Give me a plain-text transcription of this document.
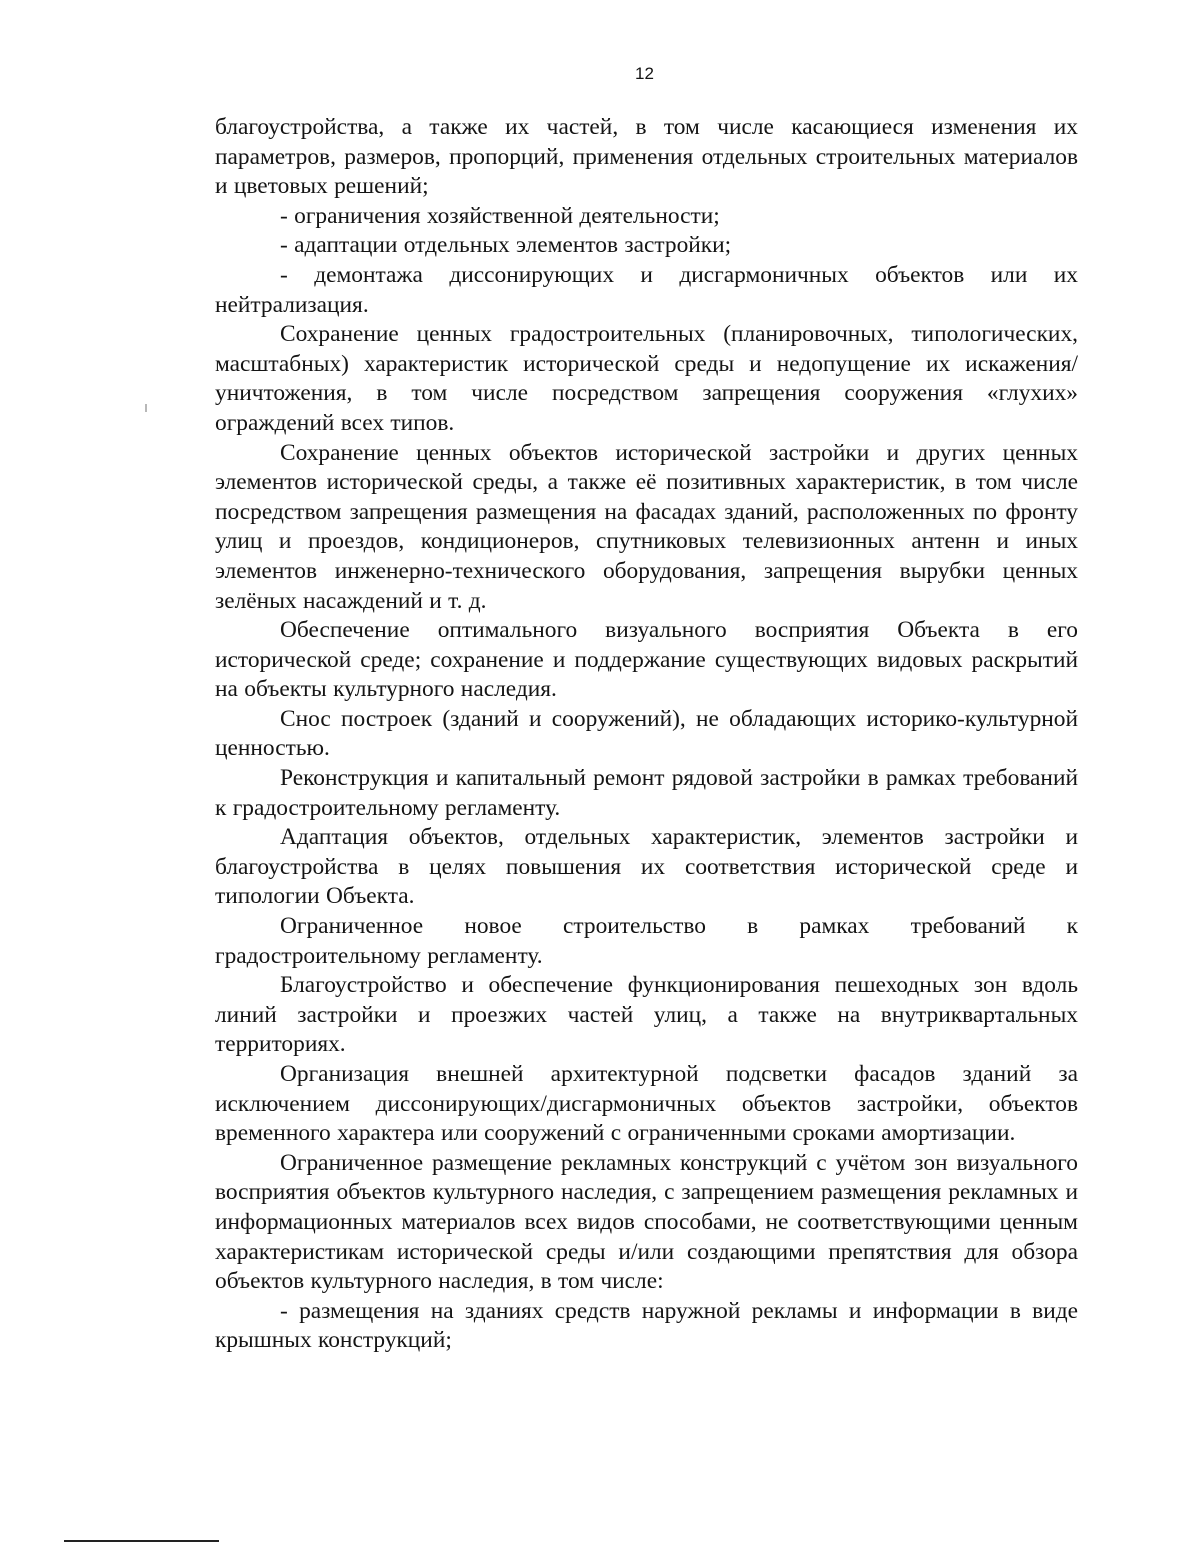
12

благоустройства, а также их частей, в том числе касающиеся изменения их параметров, размеров, пропорций, применения отдельных строительных материалов и цветовых решений;

- ограничения хозяйственной деятельности;

- адаптации отдельных элементов застройки;

- демонтажа диссонирующих и дисгармоничных объектов или их нейтрализация.

Сохранение ценных градостроительных (планировочных, типологических, масштабных) характеристик исторической среды и недопущение их искажения/уничтожения, в том числе посредством запрещения сооружения «глухих» ограждений всех типов.

Сохранение ценных объектов исторической застройки и других ценных элементов исторической среды, а также её позитивных характеристик, в том числе посредством запрещения размещения на фасадах зданий, расположенных по фронту улиц и проездов, кондиционеров, спутниковых телевизионных антенн и иных элементов инженерно-технического оборудования, запрещения вырубки ценных зелёных насаждений и т. д.

Обеспечение оптимального визуального восприятия Объекта в его исторической среде; сохранение и поддержание существующих видовых раскрытий на объекты культурного наследия.

Снос построек (зданий и сооружений), не обладающих историко-культурной ценностью.

Реконструкция и капитальный ремонт рядовой застройки в рамках требований к градостроительному регламенту.

Адаптация объектов, отдельных характеристик, элементов застройки и благоустройства в целях повышения их соответствия исторической среде и типологии Объекта.

Ограниченное новое строительство в рамках требований к градостроительному регламенту.

Благоустройство и обеспечение функционирования пешеходных зон вдоль линий застройки и проезжих частей улиц, а также на внутриквартальных территориях.

Организация внешней архитектурной подсветки фасадов зданий за исключением диссонирующих/дисгармоничных объектов застройки, объектов временного характера или сооружений с ограниченными сроками амортизации.

Ограниченное размещение рекламных конструкций с учётом зон визуального восприятия объектов культурного наследия, с запрещением размещения рекламных и информационных материалов всех видов способами, не соответствующими ценным характеристикам исторической среды и/или создающими препятствия для обзора объектов культурного наследия, в том числе:

- размещения на зданиях средств наружной рекламы и информации в виде крышных конструкций;
